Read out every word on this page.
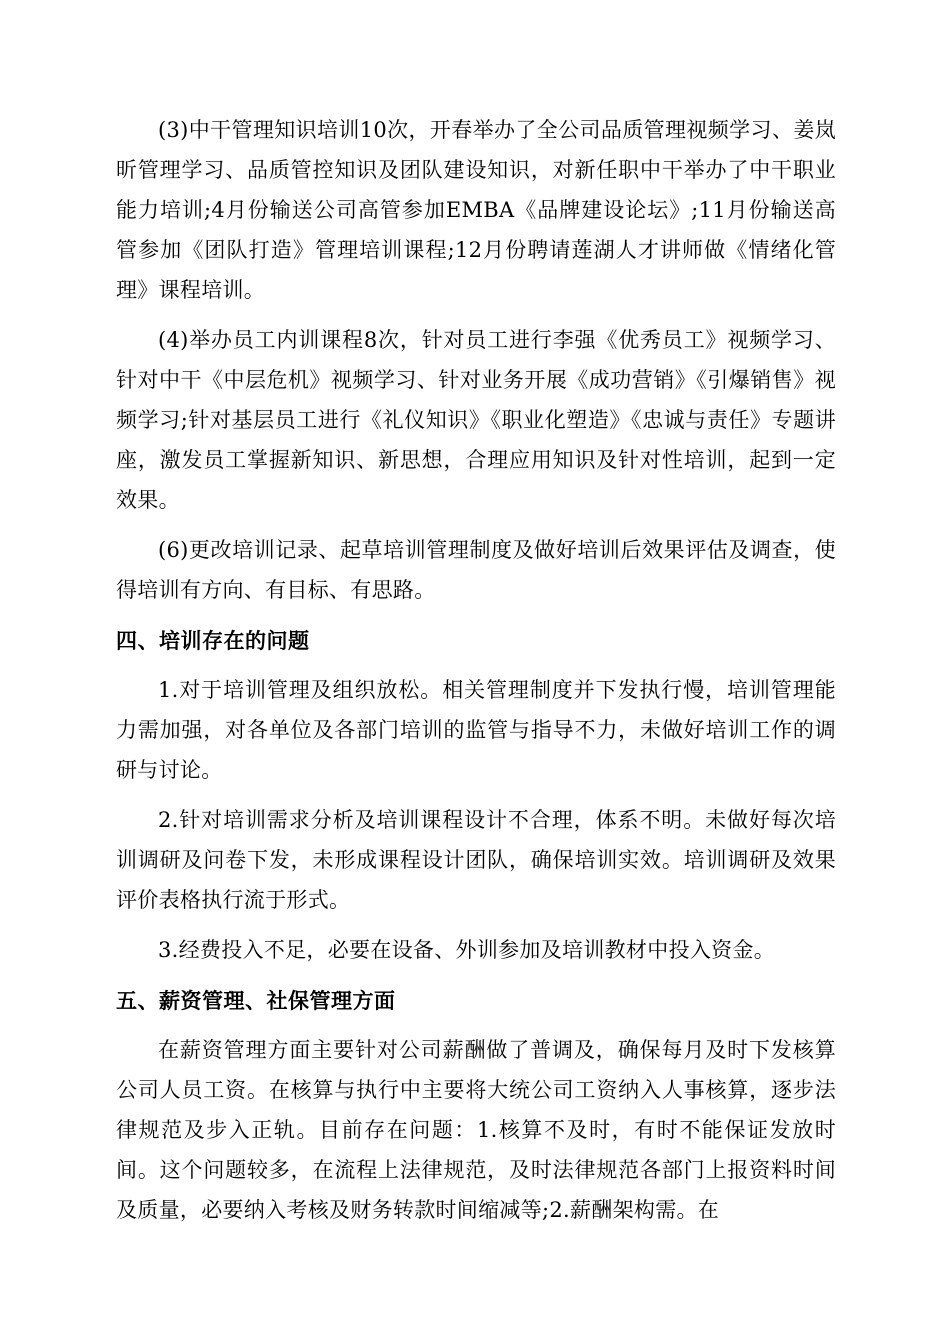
(3)中干管理知识培训10次，开春举办了全公司品质管理视频学习、姜岚昕管理学习、品质管控知识及团队建设知识，对新任职中干举办了中干职业能力培训;4月份输送公司高管参加EMBA《品牌建设论坛》;11月份输送高管参加《团队打造》管理培训课程;12月份聘请莲湖人才讲师做《情绪化管理》课程培训。

(4)举办员工内训课程8次，针对员工进行李强《优秀员工》视频学习、针对中干《中层危机》视频学习、针对业务开展《成功营销》《引爆销售》视频学习;针对基层员工进行《礼仪知识》《职业化塑造》《忠诚与责任》专题讲座，激发员工掌握新知识、新思想，合理应用知识及针对性培训，起到一定效果。

(6)更改培训记录、起草培训管理制度及做好培训后效果评估及调查，使得培训有方向、有目标、有思路。

四、培训存在的问题

1.对于培训管理及组织放松。相关管理制度并下发执行慢，培训管理能力需加强，对各单位及各部门培训的监管与指导不力，未做好培训工作的调研与讨论。

2.针对培训需求分析及培训课程设计不合理，体系不明。未做好每次培训调研及问卷下发，未形成课程设计团队，确保培训实效。培训调研及效果评价表格执行流于形式。

3.经费投入不足，必要在设备、外训参加及培训教材中投入资金。

五、薪资管理、社保管理方面

在薪资管理方面主要针对公司薪酬做了普调及，确保每月及时下发核算公司人员工资。在核算与执行中主要将大统公司工资纳入人事核算，逐步法律规范及步入正轨。目前存在问题：1.核算不及时，有时不能保证发放时间。这个问题较多，在流程上法律规范，及时法律规范各部门上报资料时间及质量，必要纳入考核及财务转款时间缩减等;2.薪酬架构需。在
